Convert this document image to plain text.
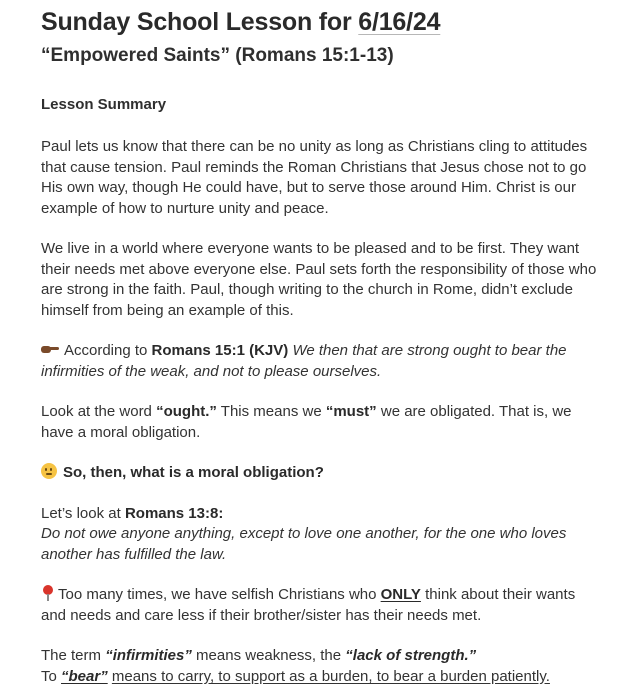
Sunday School Lesson for 6/16/24
“Empowered Saints” (Romans 15:1-13)
Lesson Summary

Paul lets us know that there can be no unity as long as Christians cling to attitudes that cause tension. Paul reminds the Roman Christians that Jesus chose not to go His own way, though He could have, but to serve those around Him. Christ is our example of how to nurture unity and peace.

We live in a world where everyone wants to be pleased and to be first. They want their needs met above everyone else. Paul sets forth the responsibility of those who are strong in the faith. Paul, though writing to the church in Rome, didn’t exclude himself from being an example of this.

According to Romans 15:1 (KJV) We then that are strong ought to bear the infirmities of the weak, and not to please ourselves.

Look at the word “ought.” This means we “must” we are obligated. That is, we have a moral obligation.

So, then, what is a moral obligation?

Let’s look at Romans 13:8:
Do not owe anyone anything, except to love one another, for the one who loves another has fulfilled the law.

Too many times, we have selfish Christians who ONLY think about their wants and needs and care less if their brother/sister has their needs met.

The term “infirmities” means weakness, the “lack of strength.”
To “bear” means to carry, to support as a burden, to bear a burden patiently.
